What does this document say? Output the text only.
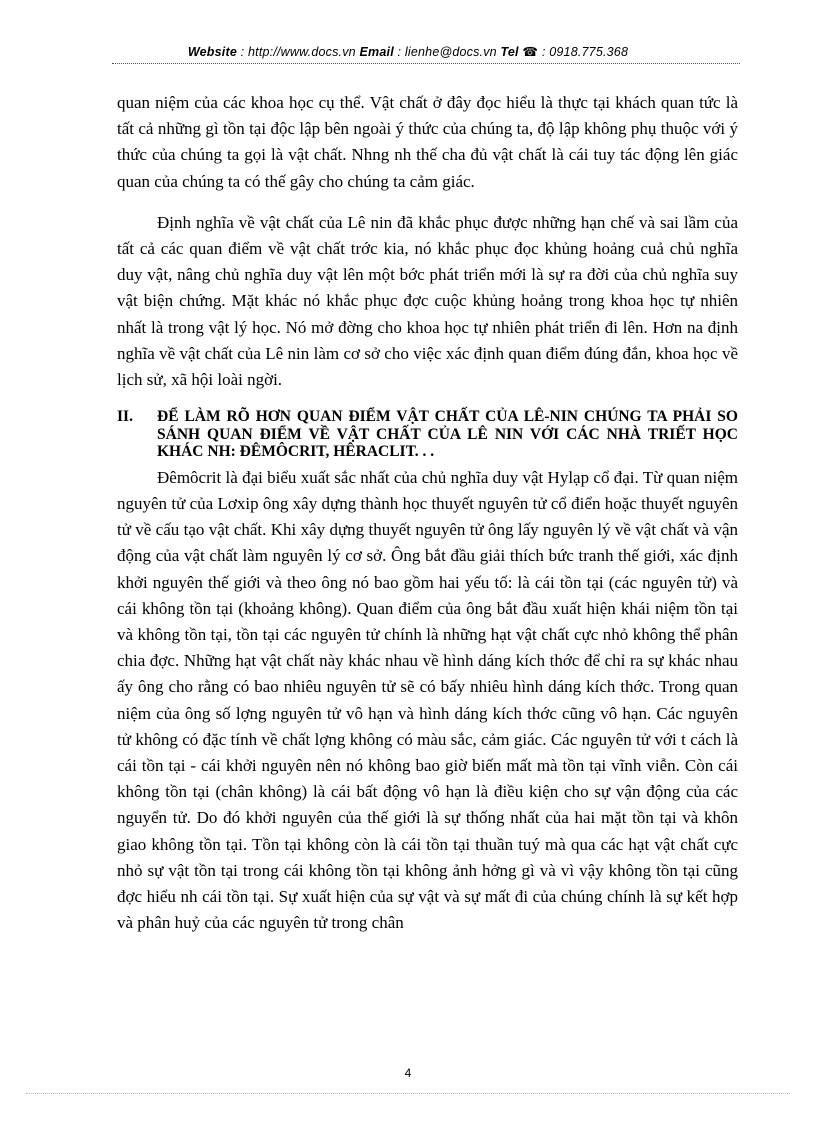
Website : http://www.docs.vn Email : lienhe@docs.vn Tel ☎ : 0918.775.368

quan niệm của các khoa học cụ thể. Vật chất ở đây đọc hiểu là thực tại khách quan tức là tất cả những gì tồn tại độc lập bên ngoài ý thức của chúng ta, độ lập không phụ thuộc với ý thức của chúng ta gọi là vật chất. Nhng nh thế cha đủ vật chất là cái tuy tác động lên giác quan của chúng ta có thế gây cho chúng ta cảm giác.

Định nghĩa về vật chất của Lê nin đã khắc phục được những hạn chế và sai lầm của tất cả các quan điểm về vật chất trớc kia, nó khắc phục đọc khủng hoảng cuả chủ nghĩa duy vật, nâng chủ nghĩa duy vật lên một bớc phát triển mới là sự ra đời của chủ nghĩa suy vật biện chứng. Mặt khác nó khắc phục đợc cuộc khủng hoảng trong khoa học tự nhiên nhất là trong vật lý học. Nó mở đờng cho khoa học tự nhiên phát triển đi lên. Hơn na định nghĩa về vật chất của Lê nin làm cơ sở cho việc xác định quan điểm đúng đắn, khoa học về lịch sử, xã hội loài ngời.

II. ĐỂ LÀM RÕ HƠN QUAN ĐIỂM VẬT CHẤT CỦA LÊ-NIN CHÚNG TA PHẢI SO SÁNH QUAN ĐIỂM VỀ VẬT CHẤT CỦA LÊ NIN VỚI CÁC NHÀ TRIẾT HỌC KHÁC NH: ĐÊMÔCRIT, HÊRACLIT. . .

Đêmôcrit là đại biểu xuất sắc nhất của chủ nghĩa duy vật Hylạp cổ đại. Từ quan niệm nguyên tử của Lơxip ông xây dựng thành học thuyết nguyên tử cổ điển hoặc thuyết nguyên tử về cấu tạo vật chất. Khi xây dựng thuyết nguyên tử ông lấy nguyên lý về vật chất và vận động của vật chất làm nguyên lý cơ sở. Ông bắt đầu giải thích bức tranh thế giới, xác định khởi nguyên thế giới và theo ông nó bao gồm hai yếu tố: là cái tồn tại (các nguyên tử) và cái không tồn tại (khoảng không). Quan điểm của ông bắt đầu xuất hiện khái niệm tồn tại và không tồn tại, tồn tại các nguyên tử chính là những hạt vật chất cực nhỏ không thể phân chia đợc. Những hạt vật chất này khác nhau về hình dáng kích thớc để chỉ ra sự khác nhau ấy ông cho rằng có bao nhiêu nguyên tử sẽ có bấy nhiêu hình dáng kích thớc. Trong quan niệm của ông số lợng nguyên tử vô hạn và hình dáng kích thớc cũng vô hạn. Các nguyên tử không có đặc tính về chất lợng không có màu sắc, cảm giác. Các nguyên tử với t cách là cái tồn tại - cái khởi nguyên nên nó không bao giờ biến mất mà tồn tại vĩnh viễn. Còn cái không tồn tại (chân không) là cái bất động vô hạn là điều kiện cho sự vận động của các nguyển tử. Do đó khởi nguyên của thế giới là sự thống nhất của hai mặt tồn tại và khôn giao không tồn tại. Tồn tại không còn là cái tồn tại thuần tuý mà qua các hạt vật chất cực nhỏ sự vật tồn tại trong cái không tồn tại không ảnh hởng gì và vì vậy không tồn tại cũng đợc hiểu nh cái tồn tại. Sự xuất hiện của sự vật và sự mất đi của chúng chính là sự kết hợp và phân huỷ của các nguyên tử trong chân

4
